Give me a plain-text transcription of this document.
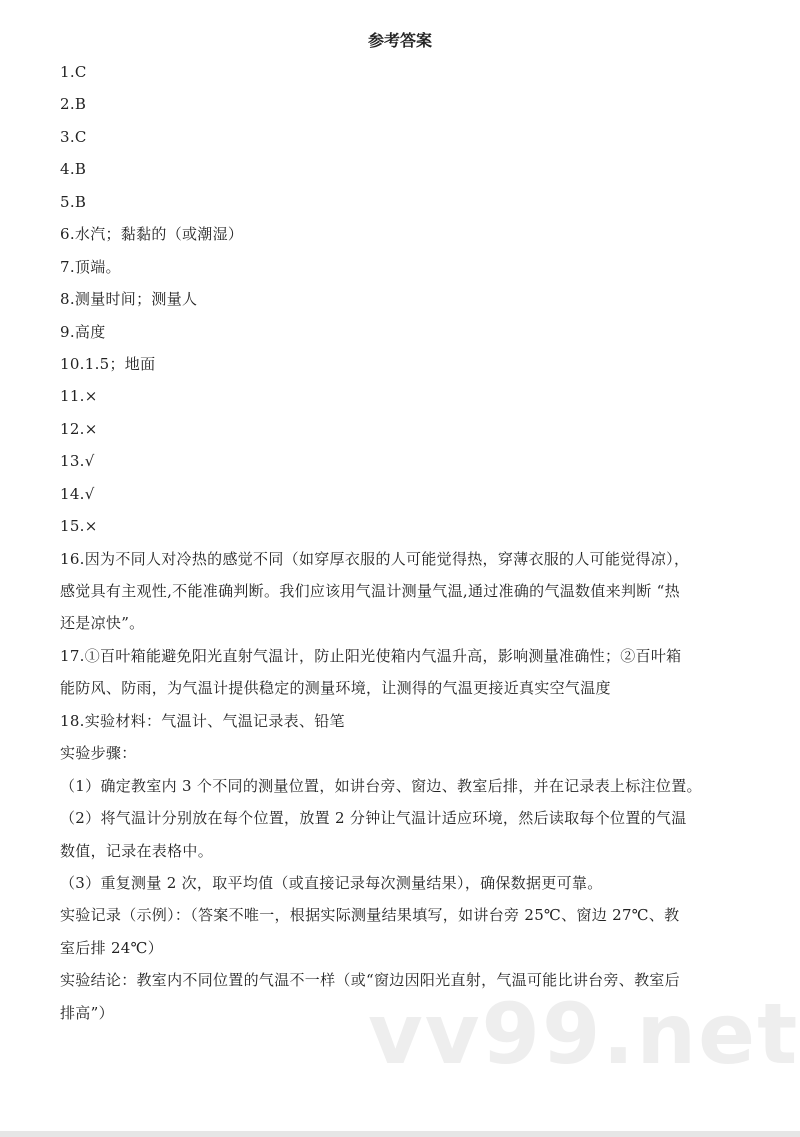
参考答案
1.C
2.B
3.C
4.B
5.B
6.水汽；黏黏的（或潮湿）
7.顶端。
8.测量时间；测量人
9.高度
10.1.5；地面
11.×
12.×
13.√
14.√
15.×
16.因为不同人对冷热的感觉不同（如穿厚衣服的人可能觉得热，穿薄衣服的人可能觉得凉），
感觉具有主观性,不能准确判断。我们应该用气温计测量气温,通过准确的气温数值来判断 “热
还是凉快”。
17.①百叶箱能避免阳光直射气温计，防止阳光使箱内气温升高，影响测量准确性；②百叶箱
能防风、防雨，为气温计提供稳定的测量环境，让测得的气温更接近真实空气温度
18.实验材料：气温计、气温记录表、铅笔
实验步骤：
（1）确定教室内 3 个不同的测量位置，如讲台旁、窗边、教室后排，并在记录表上标注位置。
（2）将气温计分别放在每个位置，放置 2 分钟让气温计适应环境，然后读取每个位置的气温
数值，记录在表格中。
（3）重复测量 2 次，取平均值（或直接记录每次测量结果），确保数据更可靠。
实验记录（示例）：（答案不唯一，根据实际测量结果填写，如讲台旁 25℃、窗边 27℃、教
室后排 24℃）
实验结论：教室内不同位置的气温不一样（或“窗边因阳光直射，气温可能比讲台旁、教室后
排高”）	vv99.net
